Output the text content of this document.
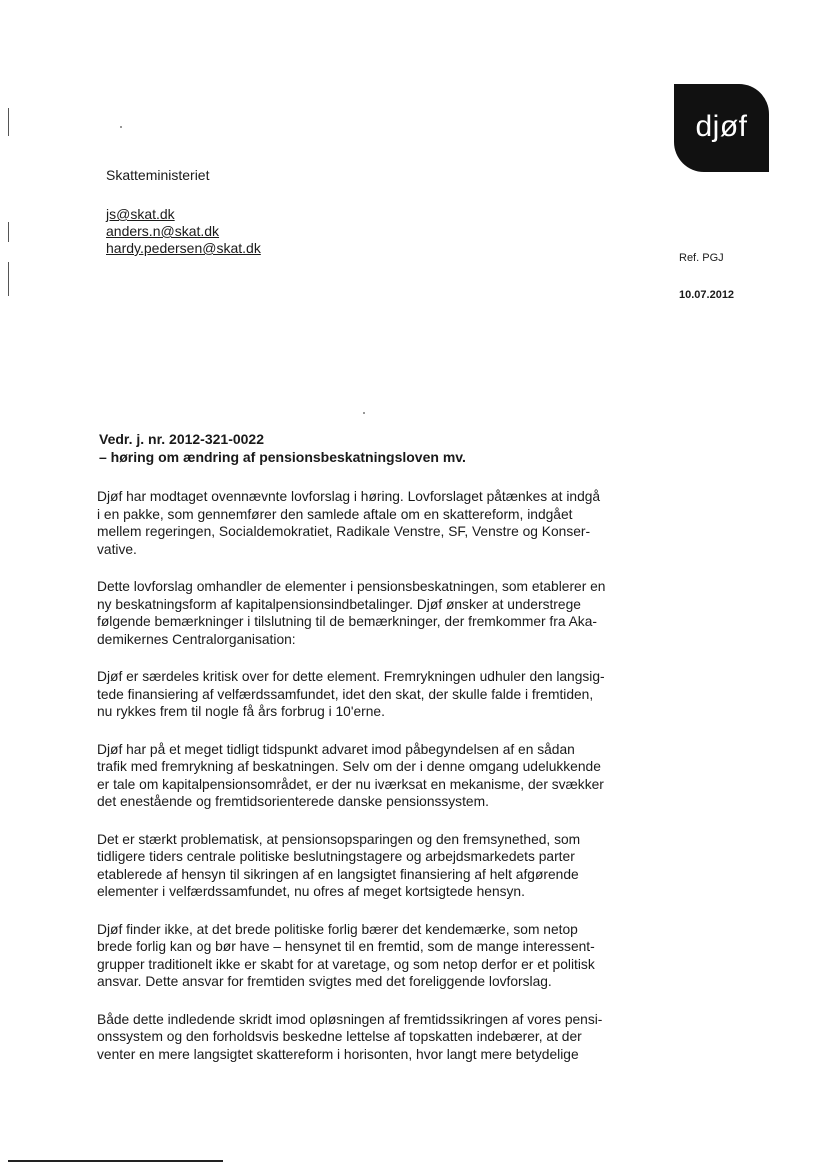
djøf
Skatteministeriet
js@skat.dk
anders.n@skat.dk
hardy.pedersen@skat.dk
Ref. PGJ
10.07.2012
Vedr. j. nr. 2012-321-0022
– høring om ændring af pensionsbeskatningsloven mv.

Djøf har modtaget ovennævnte lovforslag i høring. Lovforslaget påtænkes at indgå
i en pakke, som gennemfører den samlede aftale om en skattereform, indgået
mellem regeringen, Socialdemokratiet, Radikale Venstre, SF, Venstre og Konser-
vative.

Dette lovforslag omhandler de elementer i pensionsbeskatningen, som etablerer en
ny beskatningsform af kapitalpensionsindbetalinger. Djøf ønsker at understrege
følgende bemærkninger i tilslutning til de bemærkninger, der fremkommer fra Aka-
demikernes Centralorganisation:

Djøf er særdeles kritisk over for dette element. Fremrykningen udhuler den langsig-
tede finansiering af velfærdssamfundet, idet den skat, der skulle falde i fremtiden,
nu rykkes frem til nogle få års forbrug i 10'erne.

Djøf har på et meget tidligt tidspunkt advaret imod påbegyndelsen af en sådan
trafik med fremrykning af beskatningen. Selv om der i denne omgang udelukkende
er tale om kapitalpensionsområdet, er der nu iværksat en mekanisme, der svækker
det enestående og fremtidsorienterede danske pensionssystem.

Det er stærkt problematisk, at pensionsopsparingen og den fremsynethed, som
tidligere tiders centrale politiske beslutningstagere og arbejdsmarkedets parter
etablerede af hensyn til sikringen af en langsigtet finansiering af helt afgørende
elementer i velfærdssamfundet, nu ofres af meget kortsigtede hensyn.

Djøf finder ikke, at det brede politiske forlig bærer det kendemærke, som netop
brede forlig kan og bør have – hensynet til en fremtid, som de mange interessent-
grupper traditionelt ikke er skabt for at varetage, og som netop derfor er et politisk
ansvar. Dette ansvar for fremtiden svigtes med det foreliggende lovforslag.

Både dette indledende skridt imod opløsningen af fremtidssikringen af vores pensi-
onssystem og den forholdsvis beskedne lettelse af topskatten indebærer, at der
venter en mere langsigtet skattereform i horisonten, hvor langt mere betydelige
